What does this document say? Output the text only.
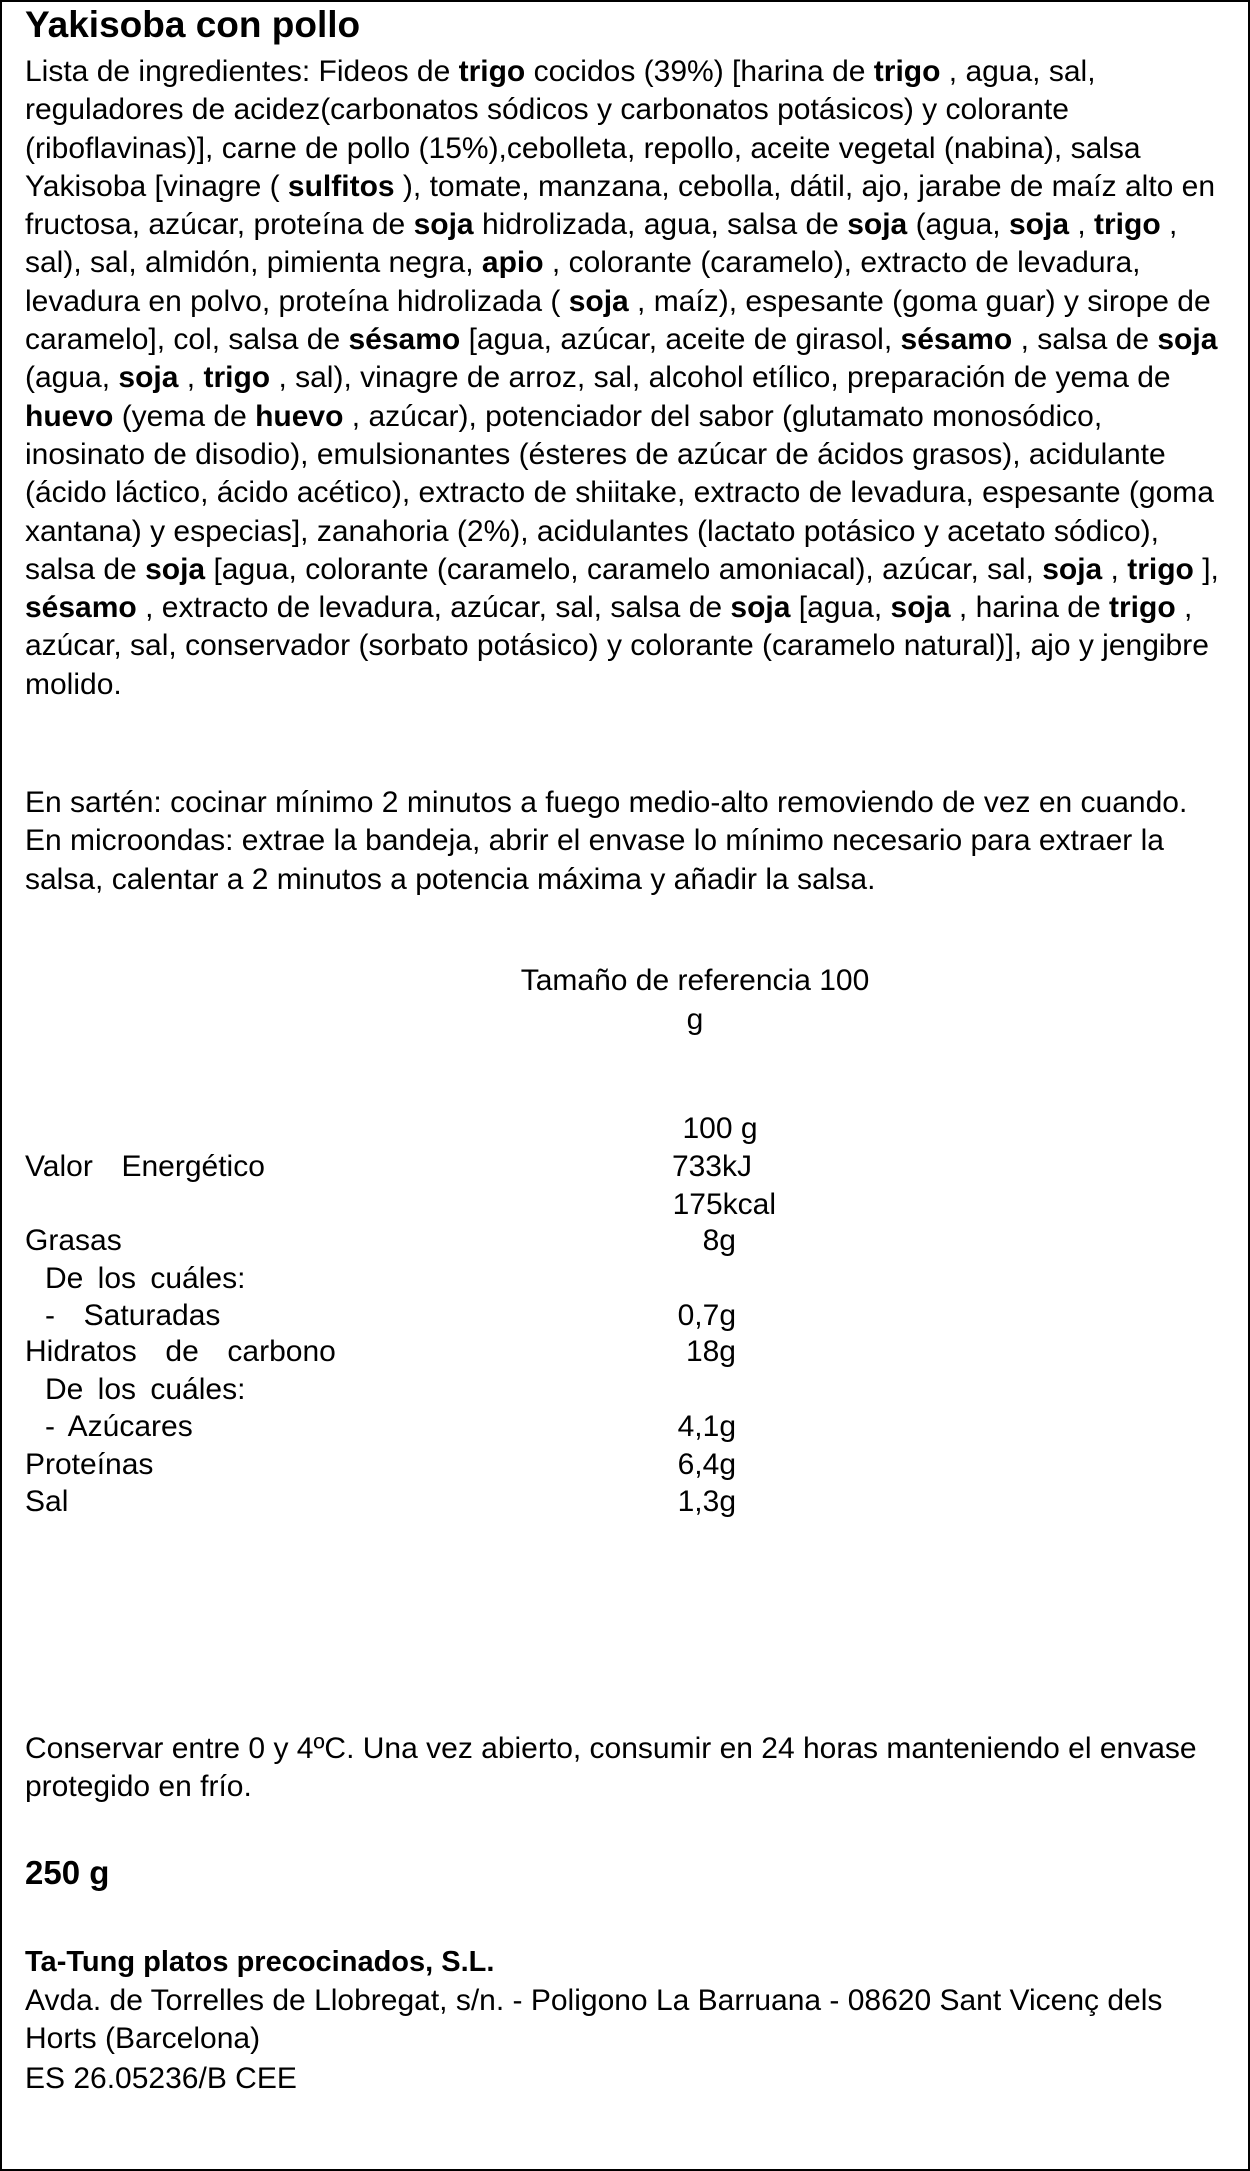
Yakisoba con pollo

Lista de ingredientes: Fideos de trigo cocidos (39%) [harina de trigo , agua, sal, reguladores de acidez(carbonatos sódicos y carbonatos potásicos) y colorante (riboflavinas)], carne de pollo (15%),cebolleta, repollo, aceite vegetal (nabina), salsa Yakisoba [vinagre ( sulfitos ), tomate, manzana, cebolla, dátil, ajo, jarabe de maíz alto en fructosa, azúcar, proteína de soja hidrolizada, agua, salsa de soja (agua, soja , trigo , sal), sal, almidón, pimienta negra, apio , colorante (caramelo), extracto de levadura, levadura en polvo, proteína hidrolizada ( soja , maíz), espesante (goma guar) y sirope de caramelo], col, salsa de sésamo [agua, azúcar, aceite de girasol, sésamo , salsa de soja (agua, soja , trigo , sal), vinagre de arroz, sal, alcohol etílico, preparación de yema de huevo (yema de huevo , azúcar), potenciador del sabor (glutamato monosódico, inosinato de disodio), emulsionantes (ésteres de azúcar de ácidos grasos), acidulante (ácido láctico, ácido acético), extracto de shiitake, extracto de levadura, espesante (goma xantana) y especias], zanahoria (2%), acidulantes (lactato potásico y acetato sódico), salsa de soja [agua, colorante (caramelo, caramelo amoniacal), azúcar, sal, soja , trigo ], sésamo , extracto de levadura, azúcar, sal, salsa de soja [agua, soja , harina de trigo , azúcar, sal, conservador (sorbato potásico) y colorante (caramelo natural)], ajo y jengibre molido.

En sartén: cocinar mínimo 2 minutos a fuego medio-alto removiendo de vez en cuando. En microondas: extrae la bandeja, abrir el envase lo mínimo necesario para extraer la salsa, calentar a 2 minutos a potencia máxima y añadir la salsa.

Tamaño de referencia 100
g
100 g
Valor  Energético	733kJ
175kcal
Grasas	8g
De los cuáles:
-  Saturadas	0,7g
Hidratos  de  carbono	18g
De los cuáles:
- Azúcares	4,1g
Proteínas	6,4g
Sal	1,3g

Conservar entre 0 y 4ºC. Una vez abierto, consumir en 24 horas manteniendo el envase protegido en frío.

250 g

Ta-Tung platos precocinados, S.L.

Avda. de Torrelles de Llobregat, s/n. - Poligono La Barruana - 08620 Sant Vicenç dels Horts (Barcelona)

ES 26.05236/B CEE
